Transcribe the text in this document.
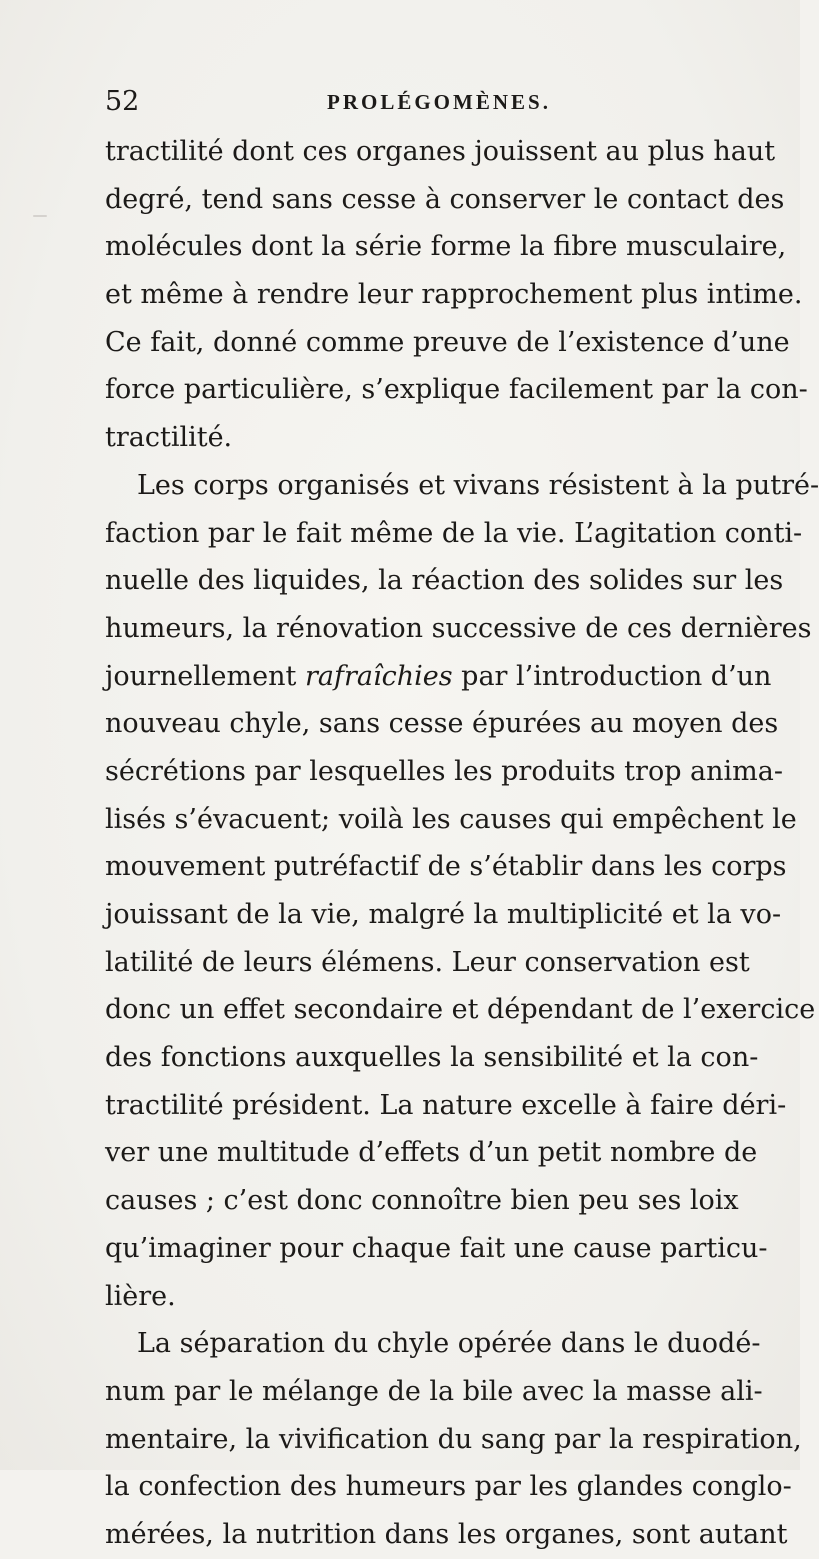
52	PROLÉGOMÈNES.
tractilité dont ces organes jouissent au plus haut
degré, tend sans cesse à conserver le contact des
molécules dont la série forme la fibre musculaire,
et même à rendre leur rapprochement plus intime.
Ce fait, donné comme preuve de l’existence d’une
force particulière, s’explique facilement par la con-
tractilité.
Les corps organisés et vivans résistent à la putré-
faction par le fait même de la vie. L’agitation conti-
nuelle des liquides, la réaction des solides sur les
humeurs, la rénovation successive de ces dernières
journellement rafraîchies par l’introduction d’un
nouveau chyle, sans cesse épurées au moyen des
sécrétions par lesquelles les produits trop anima-
lisés s’évacuent; voilà les causes qui empêchent le
mouvement putréfactif de s’établir dans les corps
jouissant de la vie, malgré la multiplicité et la vo-
latilité de leurs élémens. Leur conservation est
donc un effet secondaire et dépendant de l’exercice
des fonctions auxquelles la sensibilité et la con-
tractilité président. La nature excelle à faire déri-
ver une multitude d’effets d’un petit nombre de
causes ; c’est donc connoître bien peu ses loix
qu’imaginer pour chaque fait une cause particu-
lière.
La séparation du chyle opérée dans le duodé-
num par le mélange de la bile avec la masse ali-
mentaire, la vivification du sang par la respiration,
la confection des humeurs par les glandes conglo-
mérées, la nutrition dans les organes, sont autant
